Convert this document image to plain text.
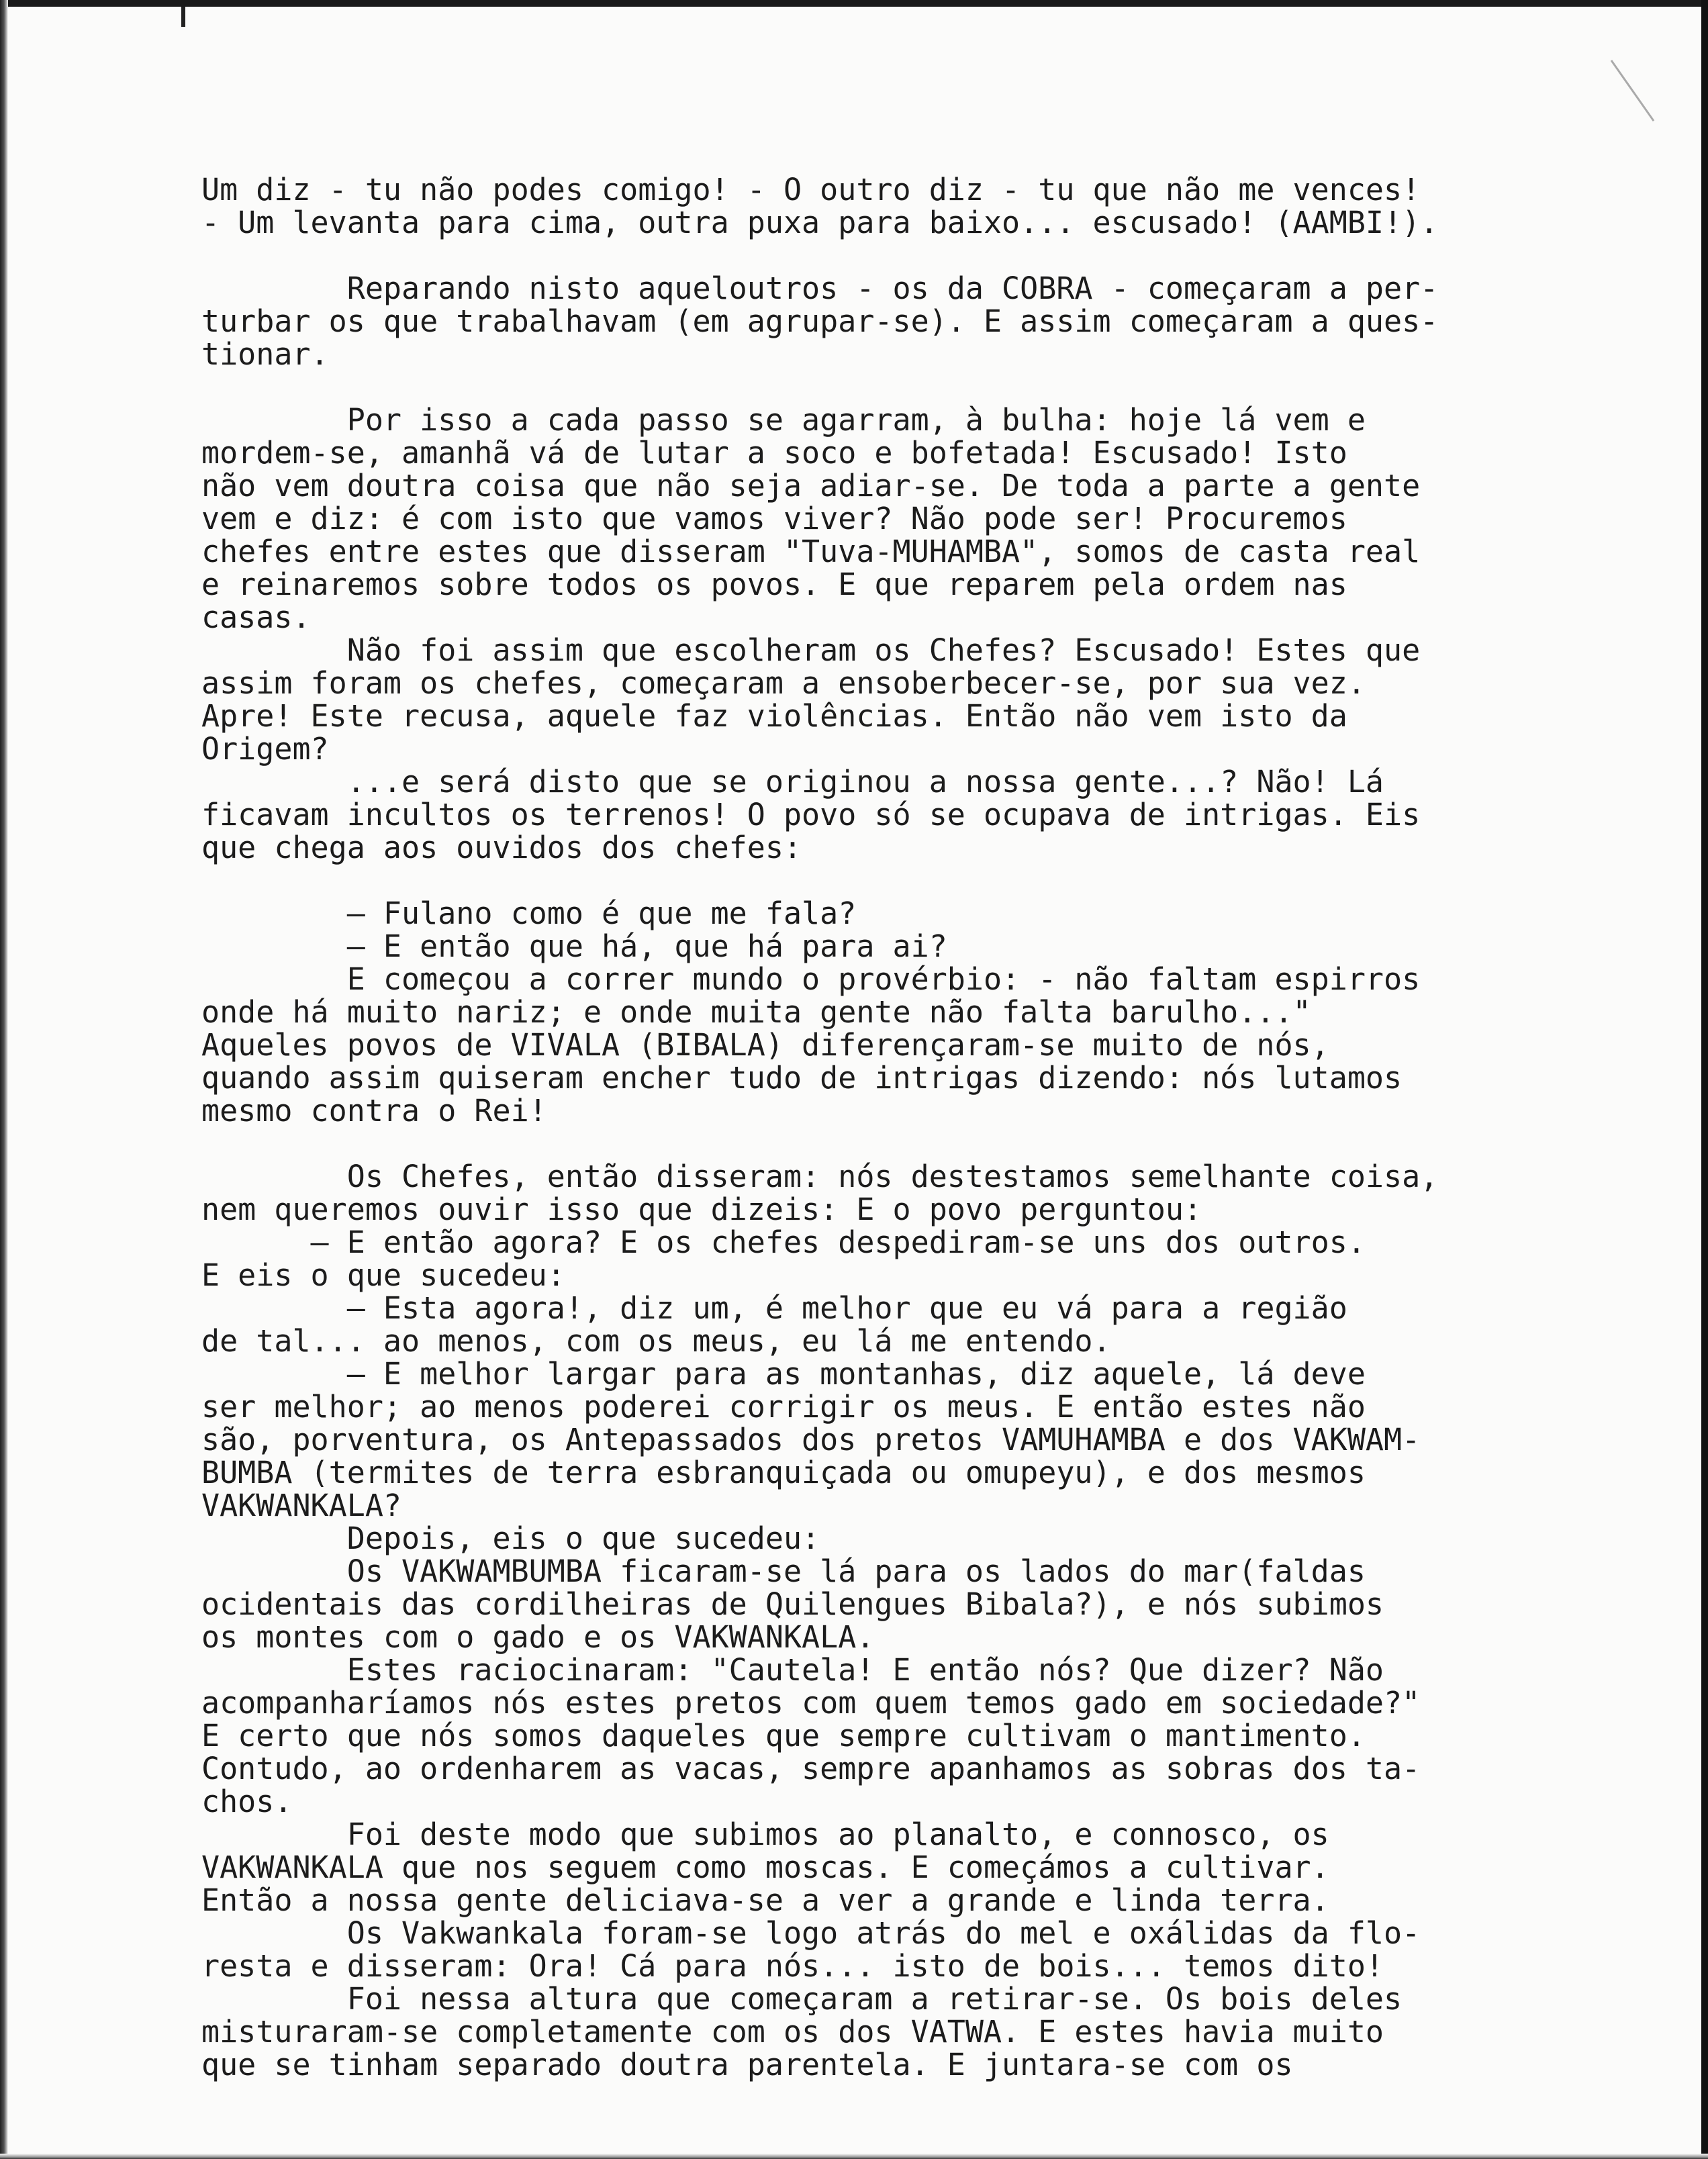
Um diz - tu não podes comigo! - O outro diz - tu que não me vences!
- Um levanta para cima, outra puxa para baixo... escusado! (AAMBI!).
Reparando nisto aqueloutros - os da COBRA - começaram a per-
turbar os que trabalhavam (em agrupar-se). E assim começaram a ques-
tionar.
Por isso a cada passo se agarram, à bulha: hoje lá vem e
mordem-se, amanhã vá de lutar a soco e bofetada! Escusado! Isto
não vem doutra coisa que não seja adiar-se. De toda a parte a gente
vem e diz: é com isto que vamos viver? Não pode ser! Procuremos
chefes entre estes que disseram "Tuva-MUHAMBA", somos de casta real
e reinaremos sobre todos os povos. E que reparem pela ordem nas
casas.
Não foi assim que escolheram os Chefes? Escusado! Estes que
assim foram os chefes, começaram a ensoberbecer-se, por sua vez.
Apre! Este recusa, aquele faz violências. Então não vem isto da
Origem?
...e será disto que se originou a nossa gente...? Não! Lá
ficavam incultos os terrenos! O povo só se ocupava de intrigas. Eis
que chega aos ouvidos dos chefes:
— Fulano como é que me fala?
— E então que há, que há para ai?
E começou a correr mundo o provérbio: - não faltam espirros
onde há muito nariz; e onde muita gente não falta barulho..."
Aqueles povos de VIVALA (BIBALA) diferençaram-se muito de nós,
quando assim quiseram encher tudo de intrigas dizendo: nós lutamos
mesmo contra o Rei!
Os Chefes, então disseram: nós destestamos semelhante coisa,
nem queremos ouvir isso que dizeis: E o povo perguntou:
— E então agora? E os chefes despediram-se uns dos outros.
E eis o que sucedeu:
— Esta agora!, diz um, é melhor que eu vá para a região
de tal... ao menos, com os meus, eu lá me entendo.
— E melhor largar para as montanhas, diz aquele, lá deve
ser melhor; ao menos poderei corrigir os meus. E então estes não
são, porventura, os Antepassados dos pretos VAMUHAMBA e dos VAKWAM-
BUMBA (termites de terra esbranquiçada ou omupeyu), e dos mesmos
VAKWANKALA?
Depois, eis o que sucedeu:
Os VAKWAMBUMBA ficaram-se lá para os lados do mar(faldas
ocidentais das cordilheiras de Quilengues Bibala?), e nós subimos
os montes com o gado e os VAKWANKALA.
Estes raciocinaram: "Cautela! E então nós? Que dizer? Não
acompanharíamos nós estes pretos com quem temos gado em sociedade?"
E certo que nós somos daqueles que sempre cultivam o mantimento.
Contudo, ao ordenharem as vacas, sempre apanhamos as sobras dos ta-
chos.
Foi deste modo que subimos ao planalto, e connosco, os
VAKWANKALA que nos seguem como moscas. E começámos a cultivar.
Então a nossa gente deliciava-se a ver a grande e linda terra.
Os Vakwankala foram-se logo atrás do mel e oxálidas da flo-
resta e disseram: Ora! Cá para nós... isto de bois... temos dito!
Foi nessa altura que começaram a retirar-se. Os bois deles
misturaram-se completamente com os dos VATWA. E estes havia muito
que se tinham separado doutra parentela. E juntara-se com os
